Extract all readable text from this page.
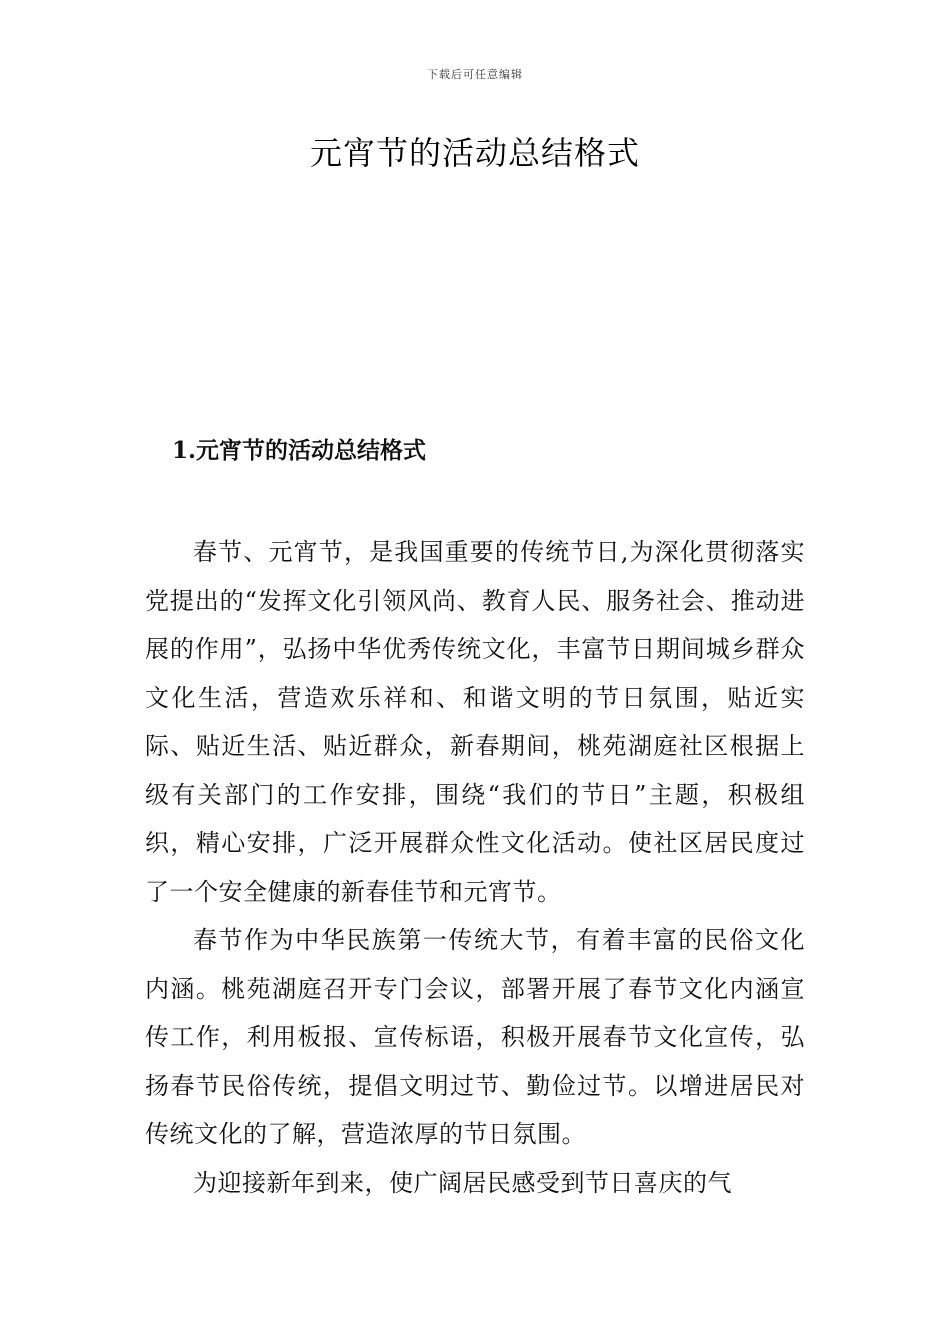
下载后可任意编辑
元宵节的活动总结格式
1.元宵节的活动总结格式

春节、元宵节，是我国重要的传统节日,为深化贯彻落实党提出的“发挥文化引领风尚、教育人民、服务社会、推动进展的作用”，弘扬中华优秀传统文化，丰富节日期间城乡群众文化生活，营造欢乐祥和、和谐文明的节日氛围，贴近实际、贴近生活、贴近群众，新春期间，桃苑湖庭社区根据上级有关部门的工作安排，围绕“我们的节日”主题，积极组织，精心安排，广泛开展群众性文化活动。使社区居民度过了一个安全健康的新春佳节和元宵节。

春节作为中华民族第一传统大节，有着丰富的民俗文化内涵。桃苑湖庭召开专门会议，部署开展了春节文化内涵宣传工作，利用板报、宣传标语，积极开展春节文化宣传，弘扬春节民俗传统，提倡文明过节、勤俭过节。以增进居民对传统文化的了解，营造浓厚的节日氛围。

为迎接新年到来，使广阔居民感受到节日喜庆的气
